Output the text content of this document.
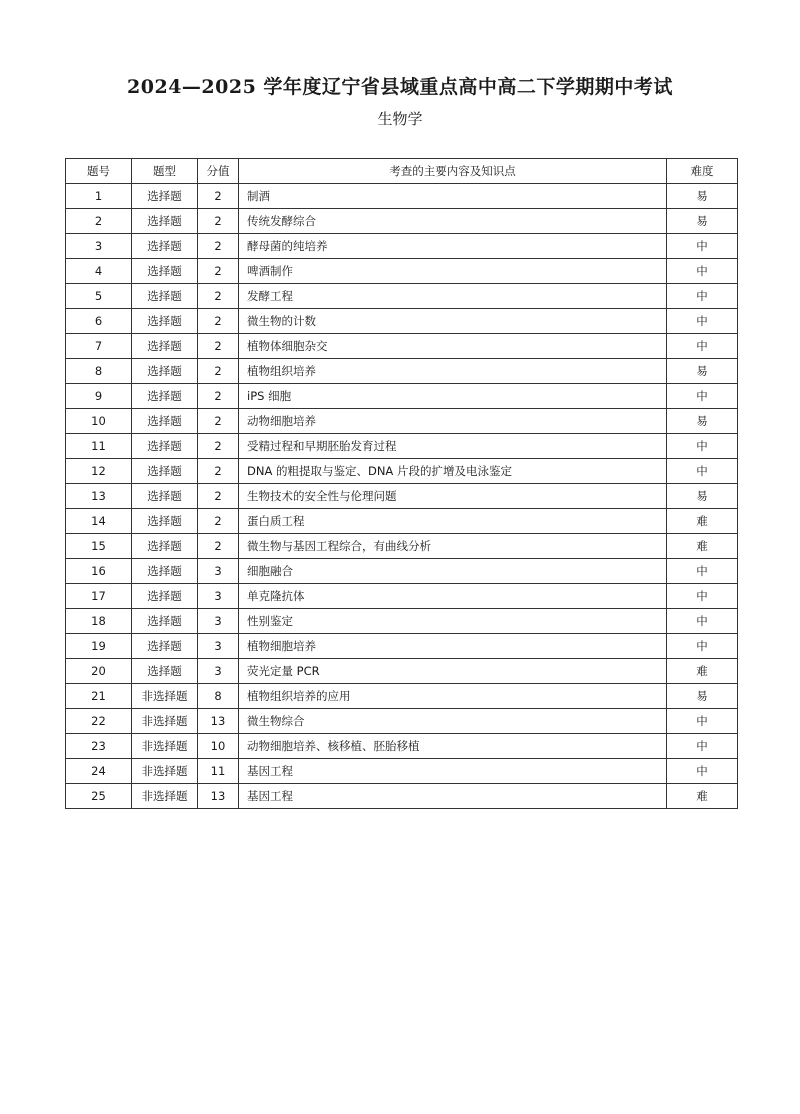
2024—2025 学年度辽宁省县域重点高中高二下学期期中考试
生物学
题号	题型	分值	考查的主要内容及知识点	难度
1	选择题	2	制酒	易
2	选择题	2	传统发酵综合	易
3	选择题	2	酵母菌的纯培养	中
4	选择题	2	啤酒制作	中
5	选择题	2	发酵工程	中
6	选择题	2	微生物的计数	中
7	选择题	2	植物体细胞杂交	中
8	选择题	2	植物组织培养	易
9	选择题	2	iPS 细胞	中
10	选择题	2	动物细胞培养	易
11	选择题	2	受精过程和早期胚胎发育过程	中
12	选择题	2	DNA 的粗提取与鉴定、DNA 片段的扩增及电泳鉴定	中
13	选择题	2	生物技术的安全性与伦理问题	易
14	选择题	2	蛋白质工程	难
15	选择题	2	微生物与基因工程综合，有曲线分析	难
16	选择题	3	细胞融合	中
17	选择题	3	单克隆抗体	中
18	选择题	3	性别鉴定	中
19	选择题	3	植物细胞培养	中
20	选择题	3	荧光定量 PCR	难
21	非选择题	8	植物组织培养的应用	易
22	非选择题	13	微生物综合	中
23	非选择题	10	动物细胞培养、核移植、胚胎移植	中
24	非选择题	11	基因工程	中
25	非选择题	13	基因工程	难
